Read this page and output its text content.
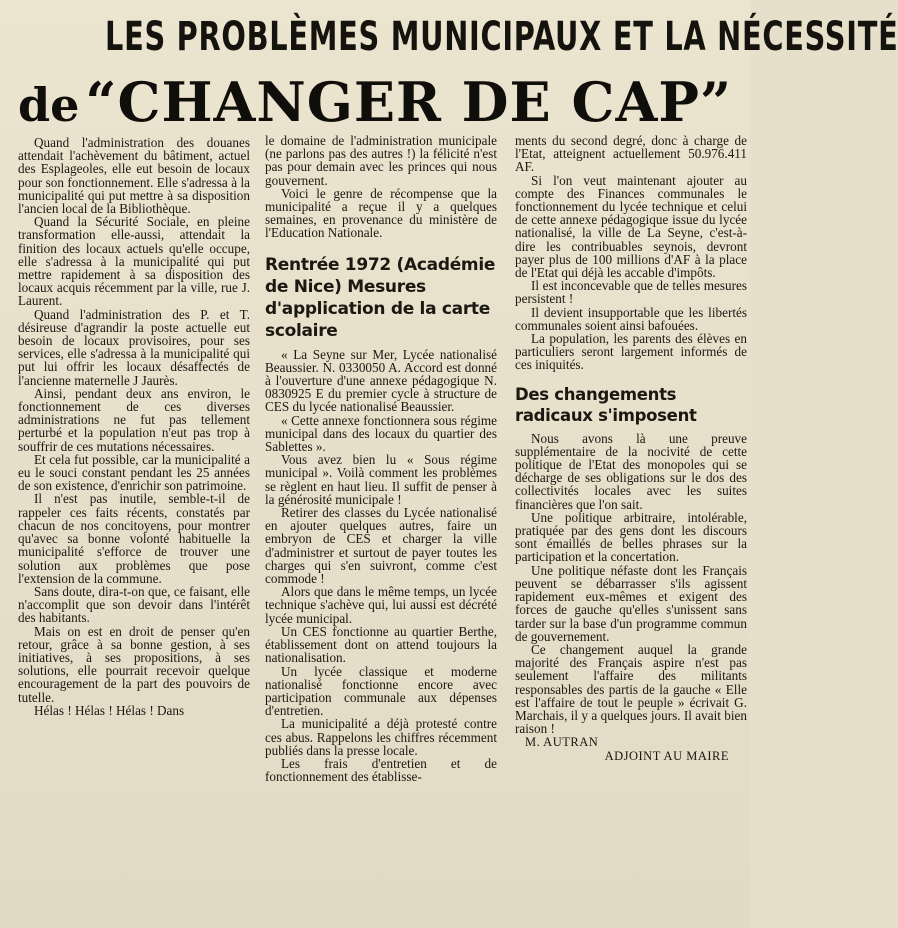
LES PROBLÈMES MUNICIPAUX ET LA NÉCESSITÉ
de “CHANGER DE CAP”

Quand l'administration des douanes attendait l'achèvement du bâtiment, actuel des Esplageoles, elle eut besoin de locaux pour son fonctionnement. Elle s'adressa à la municipalité qui put mettre à sa disposition l'ancien local de la Bibliothèque.

Quand la Sécurité Sociale, en pleine transformation elle-aussi, attendait la finition des locaux actuels qu'elle occupe, elle s'adressa à la municipalité qui put mettre rapidement à sa disposition des locaux acquis récemment par la ville, rue J. Laurent.

Quand l'administration des P. et T. désireuse d'agrandir la poste actuelle eut besoin de locaux provisoires, pour ses services, elle s'adressa à la municipalité qui put lui offrir les locaux désaffectés de l'ancienne maternelle J Jaurès.

Ainsi, pendant deux ans environ, le fonctionnement de ces diverses administrations ne fut pas tellement perturbé et la population n'eut pas trop à souffrir de ces mutations nécessaires.

Et cela fut possible, car la municipalité a eu le souci constant pendant les 25 années de son existence, d'enrichir son patrimoine.

Il n'est pas inutile, semble-t-il de rappeler ces faits récents, constatés par chacun de nos concitoyens, pour montrer qu'avec sa bonne volonté habituelle la municipalité s'efforce de trouver une solution aux problèmes que pose l'extension de la commune.

Sans doute, dira-t-on que, ce faisant, elle n'accomplit que son devoir dans l'intérêt des habitants.

Mais on est en droit de penser qu'en retour, grâce à sa bonne gestion, à ses initiatives, à ses propositions, à ses solutions, elle pourrait recevoir quelque encouragement de la part des pouvoirs de tutelle.

Hélas ! Hélas ! Hélas ! Dans

le domaine de l'administration municipale (ne parlons pas des autres !) la félicité n'est pas pour demain avec les princes qui nous gouvernent.

Voici le genre de récompense que la municipalité a reçue il y a quelques semaines, en provenance du ministère de l'Education Nationale.

Rentrée 1972 (Académie de Nice) Mesures d'application de la carte scolaire

« La Seyne sur Mer, Lycée nationalisé Beaussier. N. 0330050 A. Accord est donné à l'ouverture d'une annexe pédagogique N. 0830925 E du premier cycle à structure de CES du lycée nationalisé Beaussier.

« Cette annexe fonctionnera sous régime municipal dans des locaux du quartier des Sablettes ».

Vous avez bien lu « Sous régime municipal ». Voilà comment les problèmes se règlent en haut lieu. Il suffit de penser à la générosité municipale !

Retirer des classes du Lycée nationalisé en ajouter quelques autres, faire un embryon de CES et charger la ville d'administrer et surtout de payer toutes les charges qui s'en suivront, comme c'est commode !

Alors que dans le même temps, un lycée technique s'achève qui, lui aussi est décrété lycée municipal.

Un CES fonctionne au quartier Berthe, établissement dont on attend toujours la nationalisation.

Un lycée classique et moderne nationalisé fonctionne encore avec participation communale aux dépenses d'entretien.

La municipalité a déjà protesté contre ces abus. Rappelons les chiffres récemment publiés dans la presse locale.

Les frais d'entretien et de fonctionnement des établisse-

ments du second degré, donc à charge de l'Etat, atteignent actuellement 50.976.411 AF.

Si l'on veut maintenant ajouter au compte des Finances communales le fonctionnement du lycée technique et celui de cette annexe pédagogique issue du lycée nationalisé, la ville de La Seyne, c'est-à-dire les contribuables seynois, devront payer plus de 100 millions d'AF à la place de l'Etat qui déjà les accable d'impôts.

Il est inconcevable que de telles mesures persistent !

Il devient insupportable que les libertés communales soient ainsi bafouées.

La population, les parents des élèves en particuliers seront largement informés de ces iniquités.

Des changements radicaux s'imposent

Nous avons là une preuve supplémentaire de la nocivité de cette politique de l'Etat des monopoles qui se décharge de ses obligations sur le dos des collectivités locales avec les suites financières que l'on sait.

Une politique arbitraire, intolérable, pratiquée par des gens dont les discours sont émaillés de belles phrases sur la participation et la concertation.

Une politique néfaste dont les Français peuvent se débarrasser s'ils agissent rapidement eux-mêmes et exigent des forces de gauche qu'elles s'unissent sans tarder sur la base d'un programme commun de gouvernement.

Ce changement auquel la grande majorité des Français aspire n'est pas seulement l'affaire des militants responsables des partis de la gauche « Elle est l'affaire de tout le peuple » écrivait G. Marchais, il y a quelques jours. Il avait bien raison !

M. AUTRAN
ADJOINT AU MAIRE
